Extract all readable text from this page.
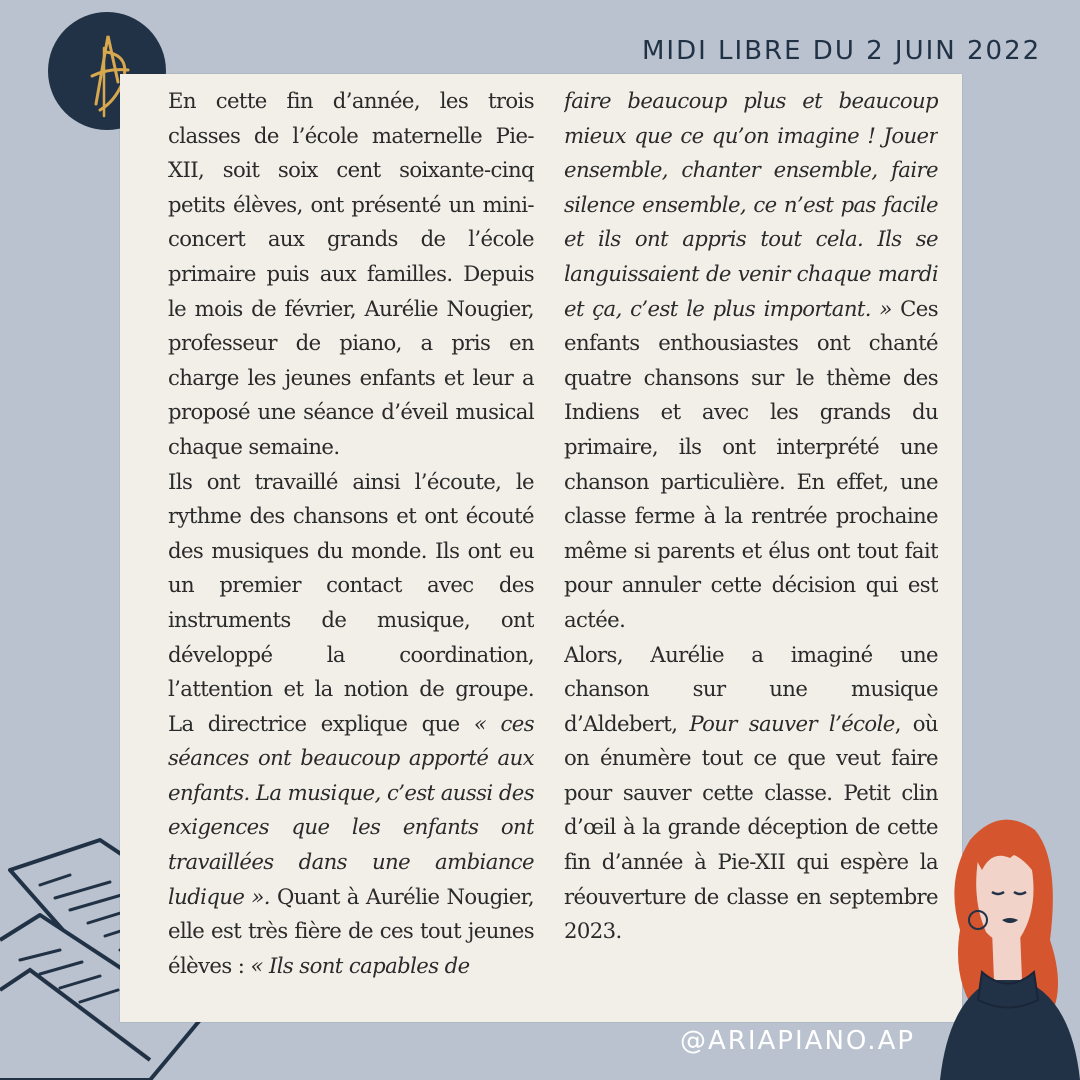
MIDI LIBRE DU 2 JUIN 2022

En cette fin d’année, les trois classes de l’école maternelle Pie-XII, soit soix cent soixante-cinq petits élèves, ont présenté un mini-concert aux grands de l’école primaire puis aux familles. Depuis le mois de février, Aurélie Nougier, professeur de piano, a pris en charge les jeunes enfants et leur a proposé une séance d’éveil musical chaque semaine.

Ils ont travaillé ainsi l’écoute, le rythme des chansons et ont écouté des musiques du monde. Ils ont eu un premier contact avec des instruments de musique, ont développé la coordination, l’attention et la notion de groupe. La directrice explique que « ces séances ont beaucoup apporté aux enfants. La musique, c’est aussi des exigences que les enfants ont travaillées dans une ambiance ludique ». Quant à Aurélie Nougier, elle est très fière de ces tout jeunes élèves : « Ils sont capables de

faire beaucoup plus et beaucoup mieux que ce qu’on imagine ! Jouer ensemble, chanter ensemble, faire silence ensemble, ce n’est pas facile et ils ont appris tout cela. Ils se languissaient de venir chaque mardi et ça, c’est le plus important. » Ces enfants enthousiastes ont chanté quatre chansons sur le thème des Indiens et avec les grands du primaire, ils ont interprété une chanson particulière. En effet, une classe ferme à la rentrée prochaine même si parents et élus ont tout fait pour annuler cette décision qui est actée.

Alors, Aurélie a imaginé une chanson sur une musique d’Aldebert, Pour sauver l’école, où on énumère tout ce que veut faire pour sauver cette classe. Petit clin d’œil à la grande déception de cette fin d’année à Pie-XII qui espère la réouverture de classe en septembre 2023.

@ARIAPIANO.AP
